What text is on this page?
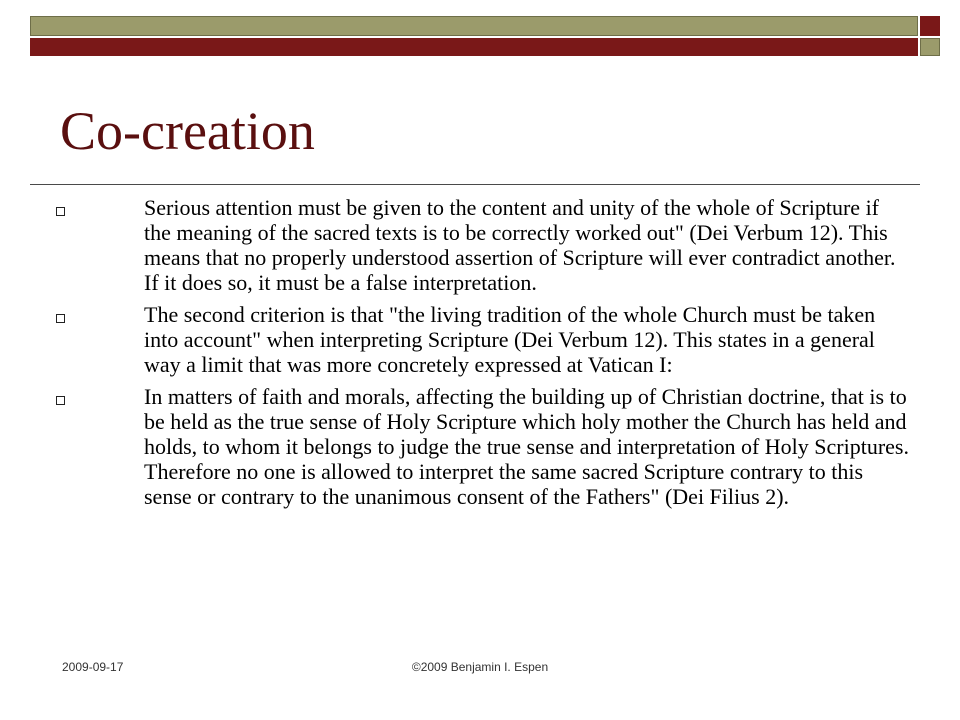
Co-creation
Serious attention must be given to the content and unity of the whole of Scripture if the meaning of the sacred texts is to be correctly worked out" (Dei Verbum 12). This means that no properly understood assertion of Scripture will ever contradict another. If it does so, it must be a false interpretation.
The second criterion is that "the living tradition of the whole Church must be taken into account" when interpreting Scripture (Dei Verbum 12). This states in a general way a limit that was more concretely expressed at Vatican I:
In matters of faith and morals, affecting the building up of Christian doctrine, that is to be held as the true sense of Holy Scripture which holy mother the Church has held and holds, to whom it belongs to judge the true sense and interpretation of Holy Scriptures. Therefore no one is allowed to interpret the same sacred Scripture contrary to this sense or contrary to the unanimous consent of the Fathers" (Dei Filius 2).
2009-09-17	©2009 Benjamin I. Espen
